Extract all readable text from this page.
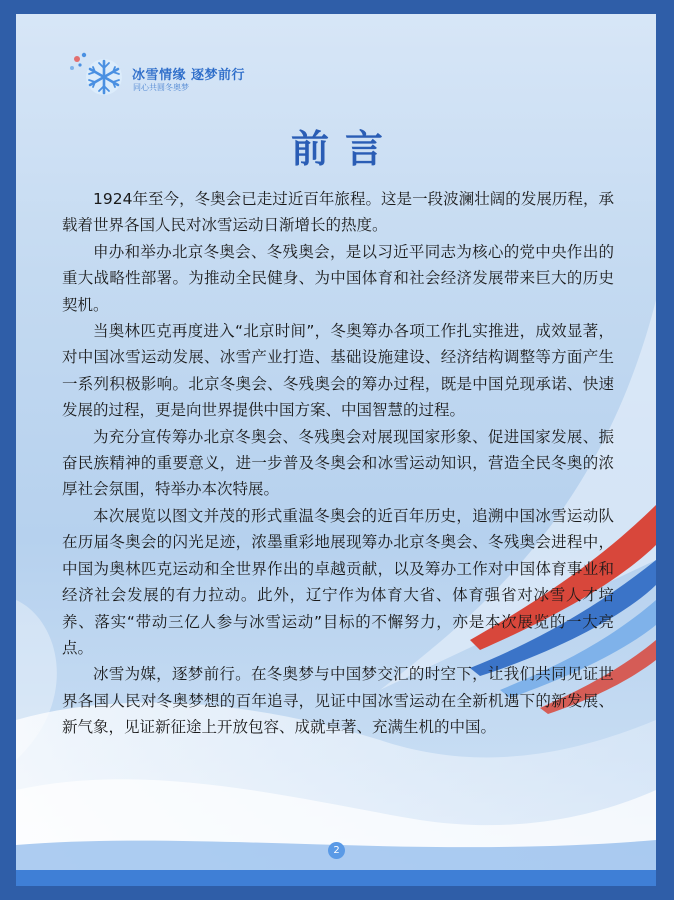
冰雪情缘 逐梦前行
同心共圆冬奥梦
前言

1924年至今，冬奥会已走过近百年旅程。这是一段波澜壮阔的发展历程，承载着世界各国人民对冰雪运动日渐增长的热度。

申办和举办北京冬奥会、冬残奥会，是以习近平同志为核心的党中央作出的重大战略性部署。为推动全民健身、为中国体育和社会经济发展带来巨大的历史契机。

当奥林匹克再度进入“北京时间”，冬奥筹办各项工作扎实推进，成效显著，对中国冰雪运动发展、冰雪产业打造、基础设施建设、经济结构调整等方面产生一系列积极影响。北京冬奥会、冬残奥会的筹办过程，既是中国兑现承诺、快速发展的过程，更是向世界提供中国方案、中国智慧的过程。

为充分宣传筹办北京冬奥会、冬残奥会对展现国家形象、促进国家发展、振奋民族精神的重要意义，进一步普及冬奥会和冰雪运动知识，营造全民冬奥的浓厚社会氛围，特举办本次特展。

本次展览以图文并茂的形式重温冬奥会的近百年历史，追溯中国冰雪运动队在历届冬奥会的闪光足迹，浓墨重彩地展现筹办北京冬奥会、冬残奥会进程中，中国为奥林匹克运动和全世界作出的卓越贡献，以及筹办工作对中国体育事业和经济社会发展的有力拉动。此外，辽宁作为体育大省、体育强省对冰雪人才培养、落实“带动三亿人参与冰雪运动”目标的不懈努力，亦是本次展览的一大亮点。

冰雪为媒，逐梦前行。在冬奥梦与中国梦交汇的时空下，让我们共同见证世界各国人民对冬奥梦想的百年追寻，见证中国冰雪运动在全新机遇下的新发展、新气象，见证新征途上开放包容、成就卓著、充满生机的中国。

2
